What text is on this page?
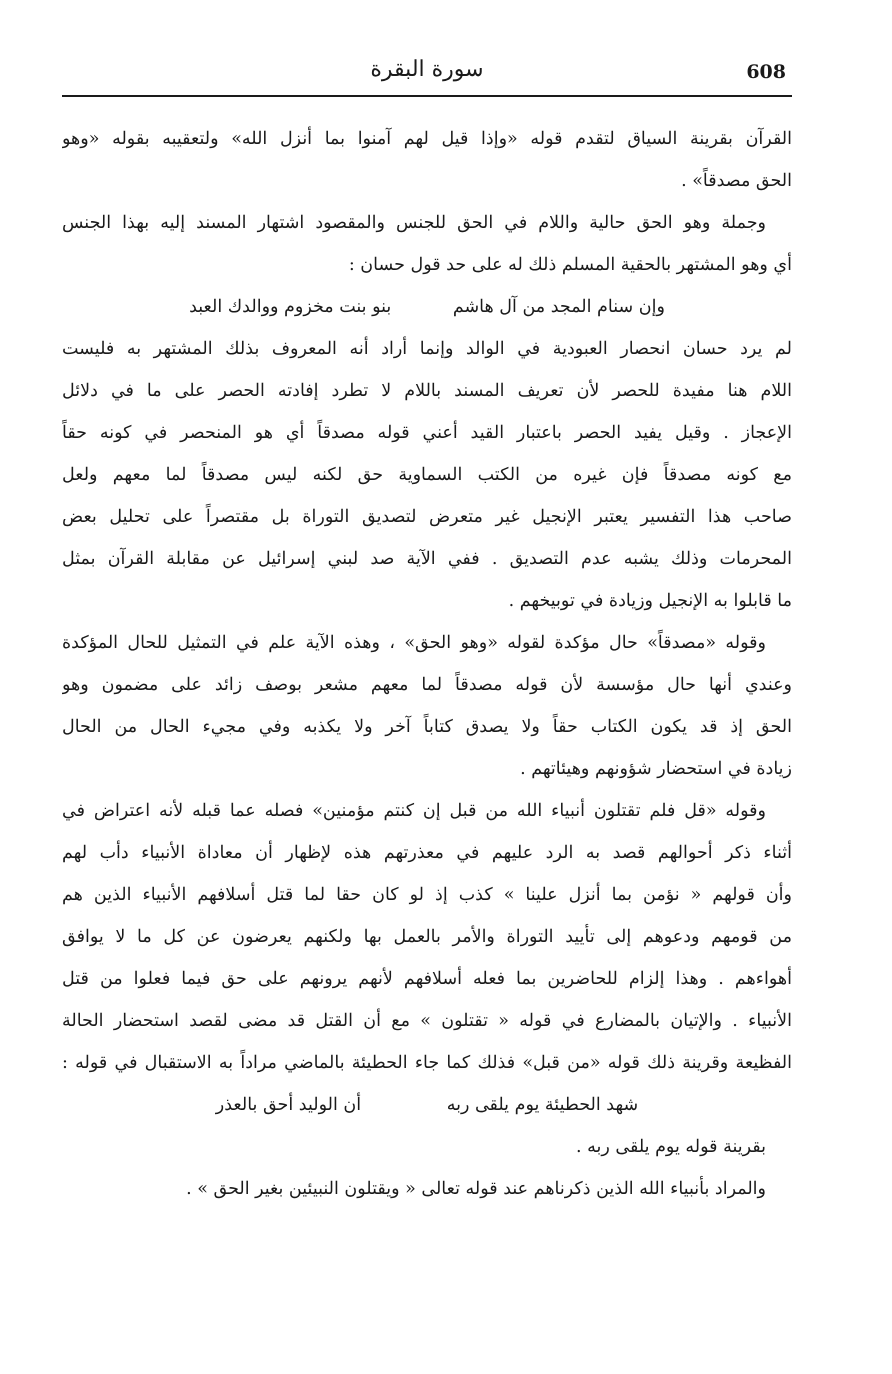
608
سورة البقرة
القرآن بقرينة السياق لتقدم قوله «وإذا قيل لهم آمنوا بما أنزل الله» ولتعقيبه بقوله «وهو
الحق مصدقاً» .
وجملة وهو الحق حالية واللام في الحق للجنس والمقصود اشتهار المسند إليه بهذا الجنس
أي وهو المشتهر بالحقية المسلم ذلك له على حد قول حسان :
وإن سنام المجد من آل هاشم بنو بنت مخزوم ووالدك العبد
لم يرد حسان انحصار العبودية في الوالد وإنما أراد أنه المعروف بذلك المشتهر به فليست
اللام هنا مفيدة للحصر لأن تعريف المسند باللام لا تطرد إفادته الحصر على ما في دلائل
الإعجاز . وقيل يفيد الحصر باعتبار القيد أعني قوله مصدقاً أي هو المنحصر في كونه حقاً
مع كونه مصدقاً فإن غيره من الكتب السماوية حق لكنه ليس مصدقاً لما معهم ولعل
صاحب هذا التفسير يعتبر الإنجيل غير متعرض لتصديق التوراة بل مقتصراً على تحليل بعض
المحرمات وذلك يشبه عدم التصديق . ففي الآية صد لبني إسرائيل عن مقابلة القرآن بمثل
ما قابلوا به الإنجيل وزيادة في توبيخهم .
وقوله «مصدقاً» حال مؤكدة لقوله «وهو الحق» ، وهذه الآية علم في التمثيل للحال المؤكدة
وعندي أنها حال مؤسسة لأن قوله مصدقاً لما معهم مشعر بوصف زائد على مضمون وهو
الحق إذ قد يكون الكتاب حقاً ولا يصدق كتاباً آخر ولا يكذبه وفي مجيء الحال من الحال
زيادة في استحضار شؤونهم وهيئاتهم .
وقوله «قل فلم تقتلون أنبياء الله من قبل إن كنتم مؤمنين» فصله عما قبله لأنه اعتراض في
أثناء ذكر أحوالهم قصد به الرد عليهم في معذرتهم هذه لإظهار أن معاداة الأنبياء دأب لهم
وأن قولهم « نؤمن بما أنزل علينا » كذب إذ لو كان حقا لما قتل أسلافهم الأنبياء الذين هم
من قومهم ودعوهم إلى تأييد التوراة والأمر بالعمل بها ولكنهم يعرضون عن كل ما لا يوافق
أهواءهم . وهذا إلزام للحاضرين بما فعله أسلافهم لأنهم يرونهم على حق فيما فعلوا من قتل
الأنبياء . والإتيان بالمضارع في قوله « تقتلون » مع أن القتل قد مضى لقصد استحضار الحالة
الفظيعة وقرينة ذلك قوله «من قبل» فذلك كما جاء الحطيئة بالماضي مراداً به الاستقبال في قوله :
شهد الحطيئة يوم يلقى ربه أن الوليد أحق بالعذر
بقرينة قوله يوم يلقى ربه .
والمراد بأنبياء الله الذين ذكرناهم عند قوله تعالى « ويقتلون النبيئين بغير الحق » .
